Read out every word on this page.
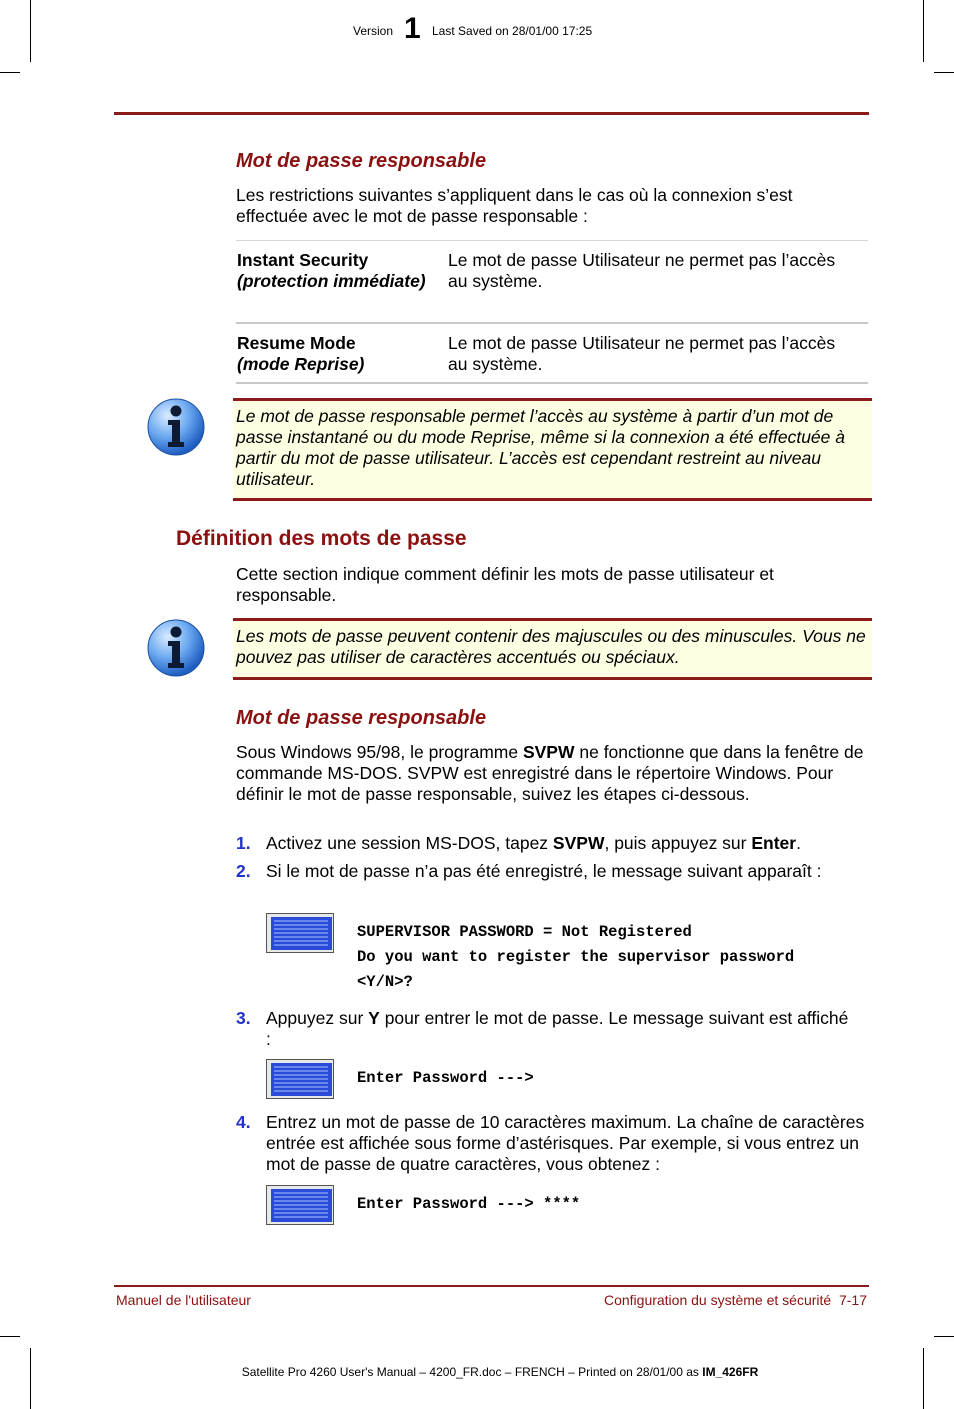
Version 1 Last Saved on 28/01/00 17:25
Mot de passe responsable
Les restrictions suivantes s’appliquent dans le cas où la connexion s’est effectuée avec le mot de passe responsable :
Instant Security
(protection immédiate)
Le mot de passe Utilisateur ne permet pas l’accès au système.
Resume Mode
(mode Reprise)
Le mot de passe Utilisateur ne permet pas l’accès au système.
Le mot de passe responsable permet l’accès au système à partir d’un mot de passe instantané ou du mode Reprise, même si la connexion a été effectuée à partir du mot de passe utilisateur. L’accès est cependant restreint au niveau utilisateur.
Définition des mots de passe
Cette section indique comment définir les mots de passe utilisateur et responsable.
Les mots de passe peuvent contenir des majuscules ou des minuscules. Vous ne pouvez pas utiliser de caractères accentués ou spéciaux.
Mot de passe responsable
Sous Windows 95/98, le programme SVPW ne fonctionne que dans la fenêtre de commande MS-DOS. SVPW est enregistré dans le répertoire Windows. Pour définir le mot de passe responsable, suivez les étapes ci-dessous.
1. Activez une session MS-DOS, tapez SVPW, puis appuyez sur Enter.
2. Si le mot de passe n’a pas été enregistré, le message suivant apparaît :
SUPERVISOR PASSWORD = Not Registered
Do you want to register the supervisor password
<Y/N>?
3. Appuyez sur Y pour entrer le mot de passe. Le message suivant est affiché :
Enter Password --->
4. Entrez un mot de passe de 10 caractères maximum. La chaîne de caractères entrée est affichée sous forme d’astérisques. Par exemple, si vous entrez un mot de passe de quatre caractères, vous obtenez :
Enter Password ---> ****
Manuel de l'utilisateur	Configuration du système et sécurité  7-17
Satellite Pro 4260 User's Manual – 4200_FR.doc – FRENCH – Printed on 28/01/00 as IM_426FR
